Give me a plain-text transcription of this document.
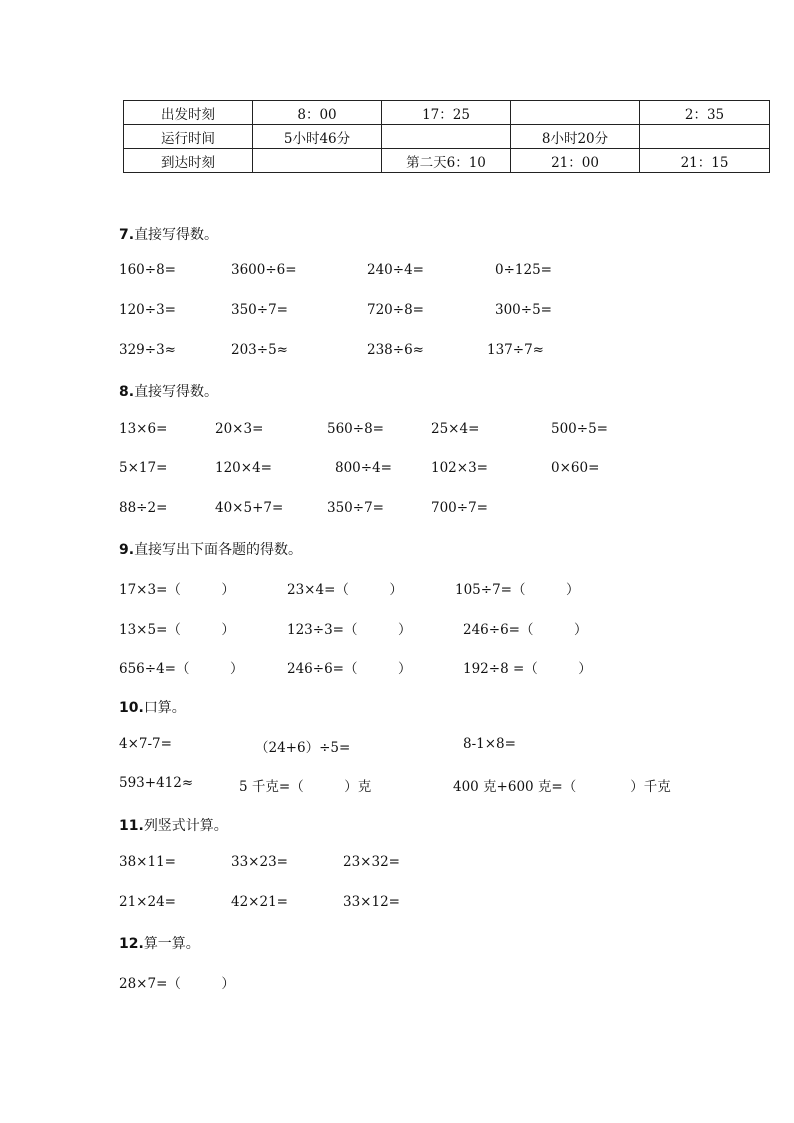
出发时刻	8：00	17：25		2：35
运行时间	5小时46分		8小时20分	
到达时刻		第二天6：10	21：00	21：15
7.直接写得数。
160÷8=	3600÷6=	240÷4=	0÷125=
120÷3=	350÷7=	720÷8=	300÷5=
329÷3≈	203÷5≈	238÷6≈	137÷7≈
8.直接写得数。
13×6=	20×3=	560÷8=	25×4=	500÷5=
5×17=	120×4=	800÷4=	102×3=	0×60=
88÷2=	40×5+7=	350÷7=	700÷7=
9.直接写出下面各题的得数。
17×3=（　　　）	23×4=（　　　）	105÷7=（　　　）
13×5=（　　　）	123÷3=（　　　）	246÷6=（　　　）
656÷4=（　　　）	246÷6=（　　　）	192÷8 =（　　　）
10.口算。
4×7-7=	（24+6）÷5=	8-1×8=
593+412≈	5 千克=（　　　）克	400 克+600 克=（　　　　）千克
11.列竖式计算。
38×11=	33×23=	23×32=
21×24=	42×21=	33×12=
12.算一算。
28×7=（　　　）
